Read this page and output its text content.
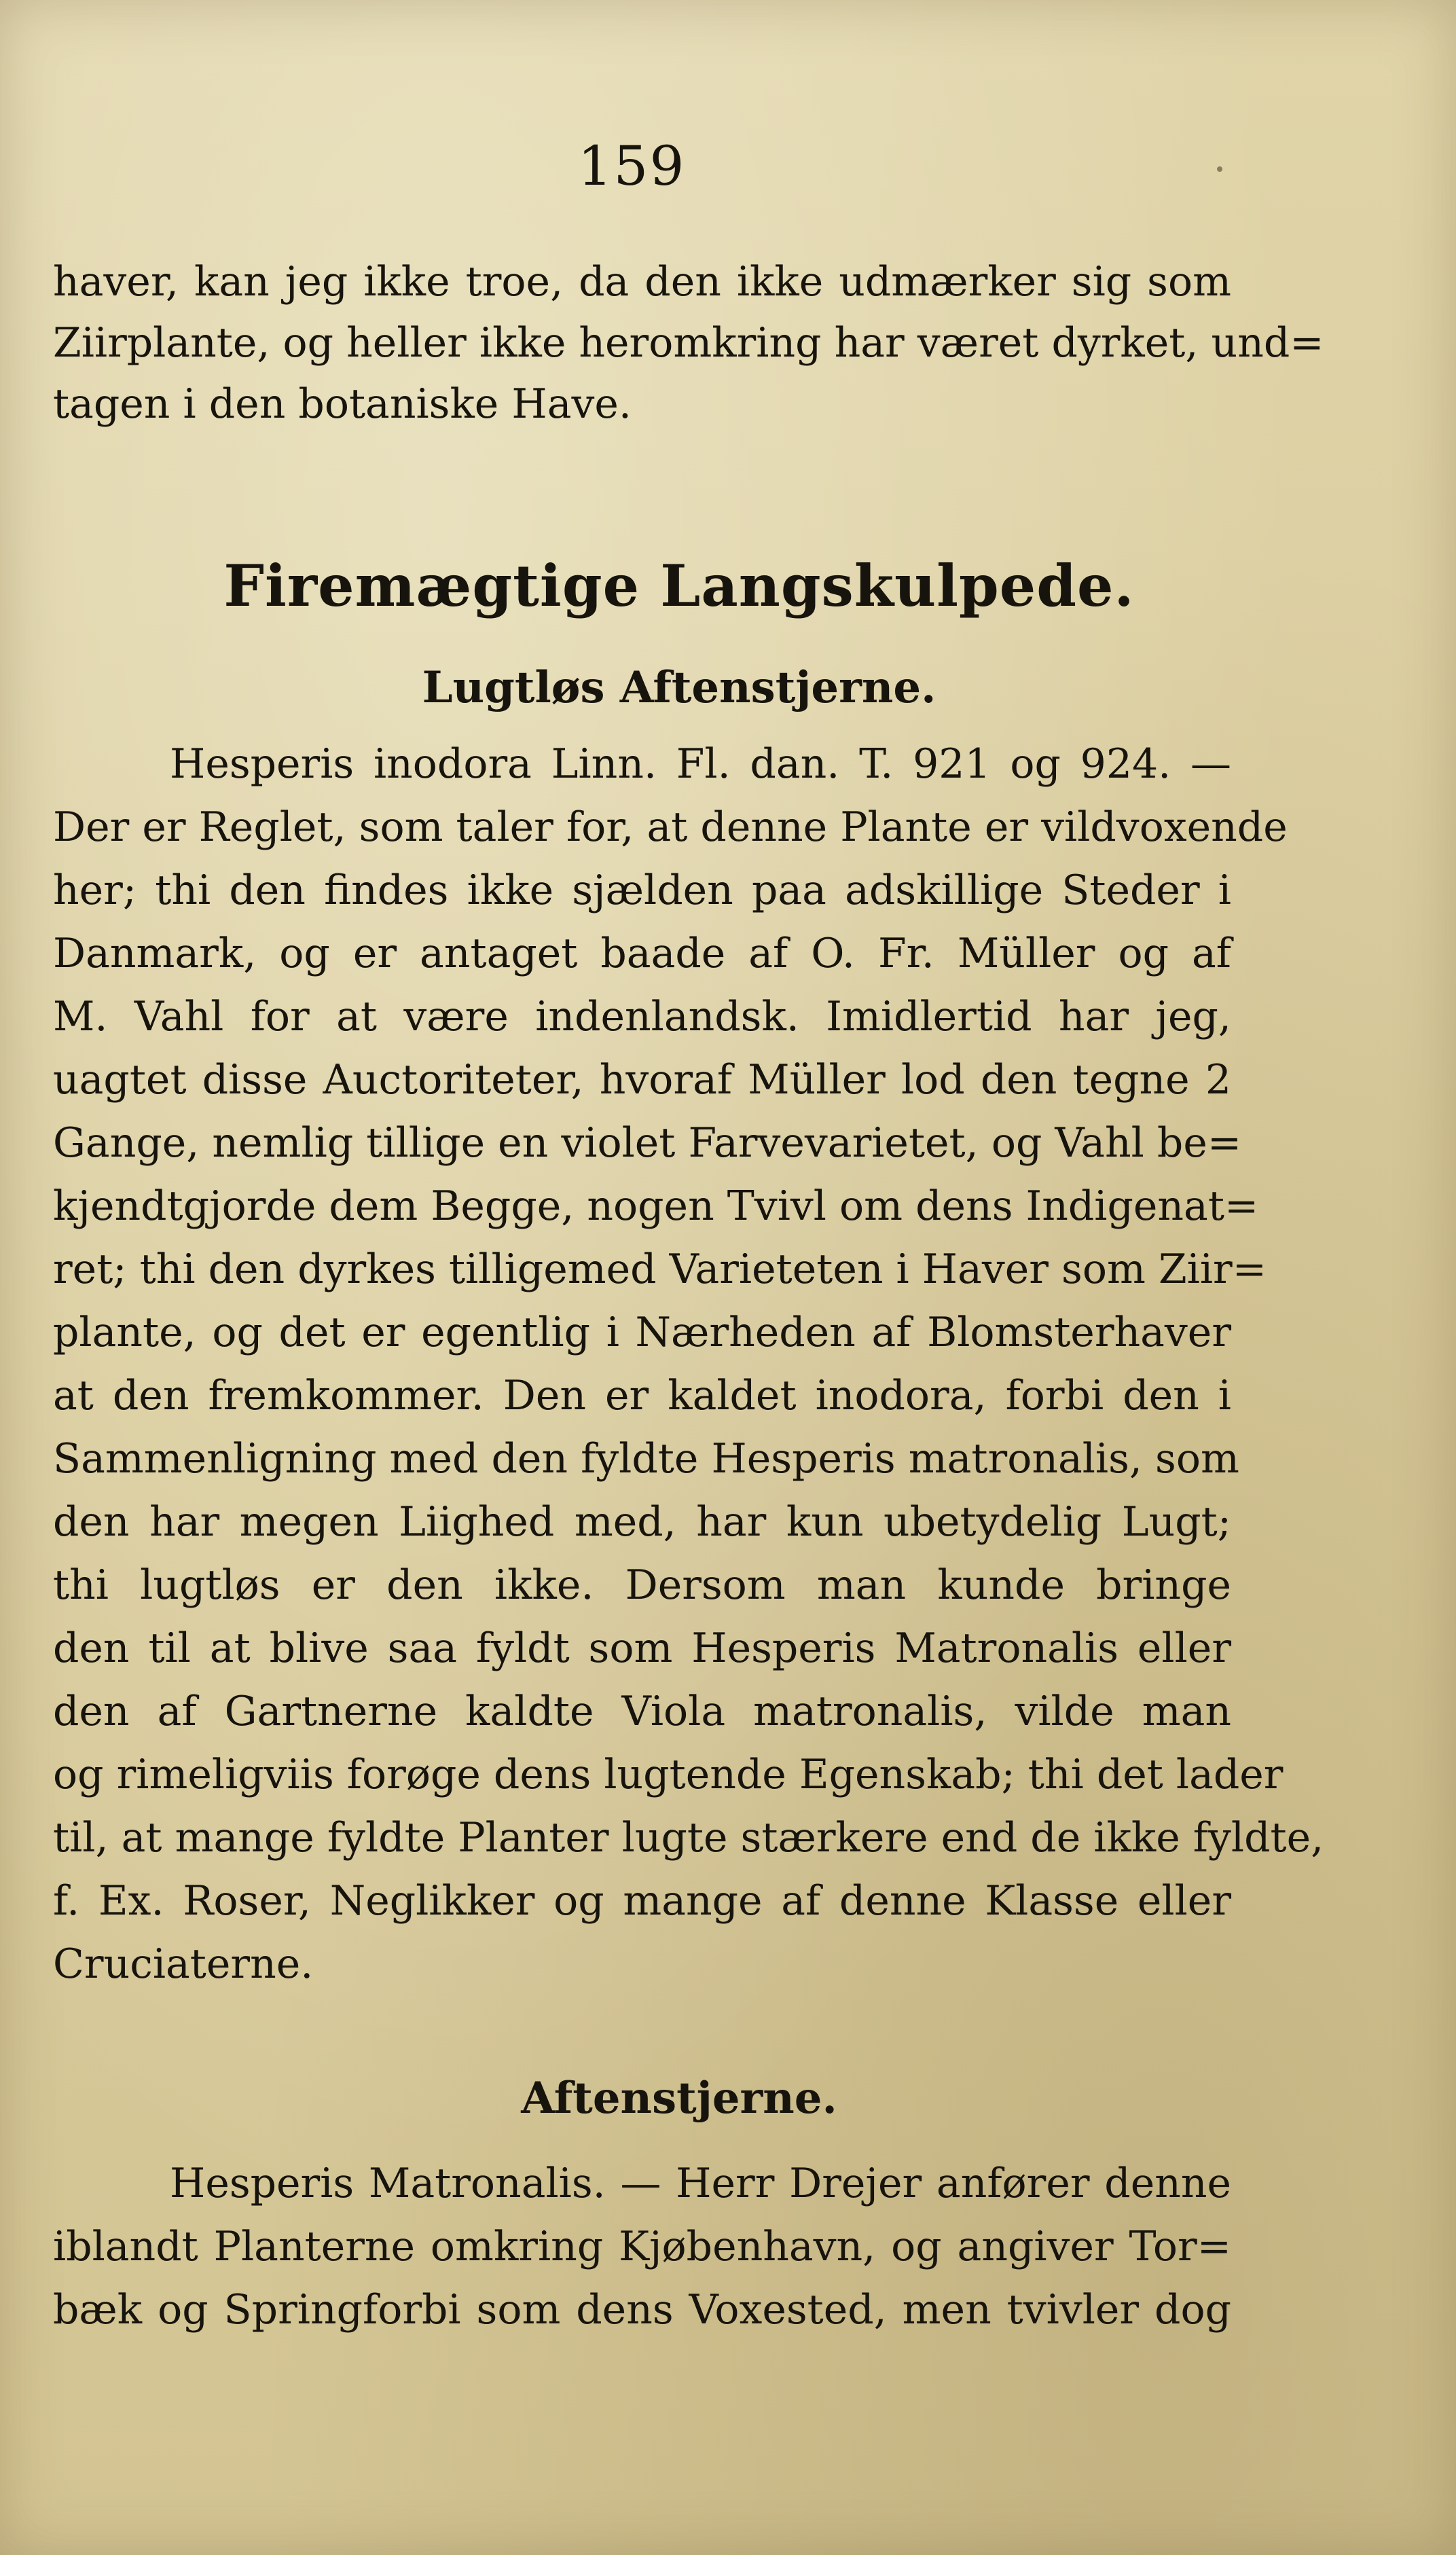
159
haver, kan jeg ikke troe, da den ikke udmærker sig som
Ziirplante, og heller ikke heromkring har været dyrket, und=
tagen i den botaniske Have.
Firemægtige Langskulpede.
Lugtløs Aftenstjerne.
Hesperis inodora Linn. Fl. dan. T. 921 og 924. —
Der er Reglet, som taler for, at denne Plante er vildvoxende
her; thi den findes ikke sjælden paa adskillige Steder i
Danmark, og er antaget baade af O. Fr. Müller og af
M. Vahl for at være indenlandsk. Imidlertid har jeg,
uagtet disse Auctoriteter, hvoraf Müller lod den tegne 2
Gange, nemlig tillige en violet Farvevarietet, og Vahl be=
kjendtgjorde dem Begge, nogen Tvivl om dens Indigenat=
ret; thi den dyrkes tilligemed Varieteten i Haver som Ziir=
plante, og det er egentlig i Nærheden af Blomsterhaver
at den fremkommer. Den er kaldet inodora, forbi den i
Sammenligning med den fyldte Hesperis matronalis, som
den har megen Liighed med, har kun ubetydelig Lugt;
thi lugtløs er den ikke. Dersom man kunde bringe
den til at blive saa fyldt som Hesperis Matronalis eller
den af Gartnerne kaldte Viola matronalis, vilde man
og rimeligviis forøge dens lugtende Egenskab; thi det lader
til, at mange fyldte Planter lugte stærkere end de ikke fyldte,
f. Ex. Roser, Neglikker og mange af denne Klasse eller
Cruciaterne.
Aftenstjerne.
Hesperis Matronalis. — Herr Drejer anfører denne
iblandt Planterne omkring Kjøbenhavn, og angiver Tor=
bæk og Springforbi som dens Voxested, men tvivler dog
